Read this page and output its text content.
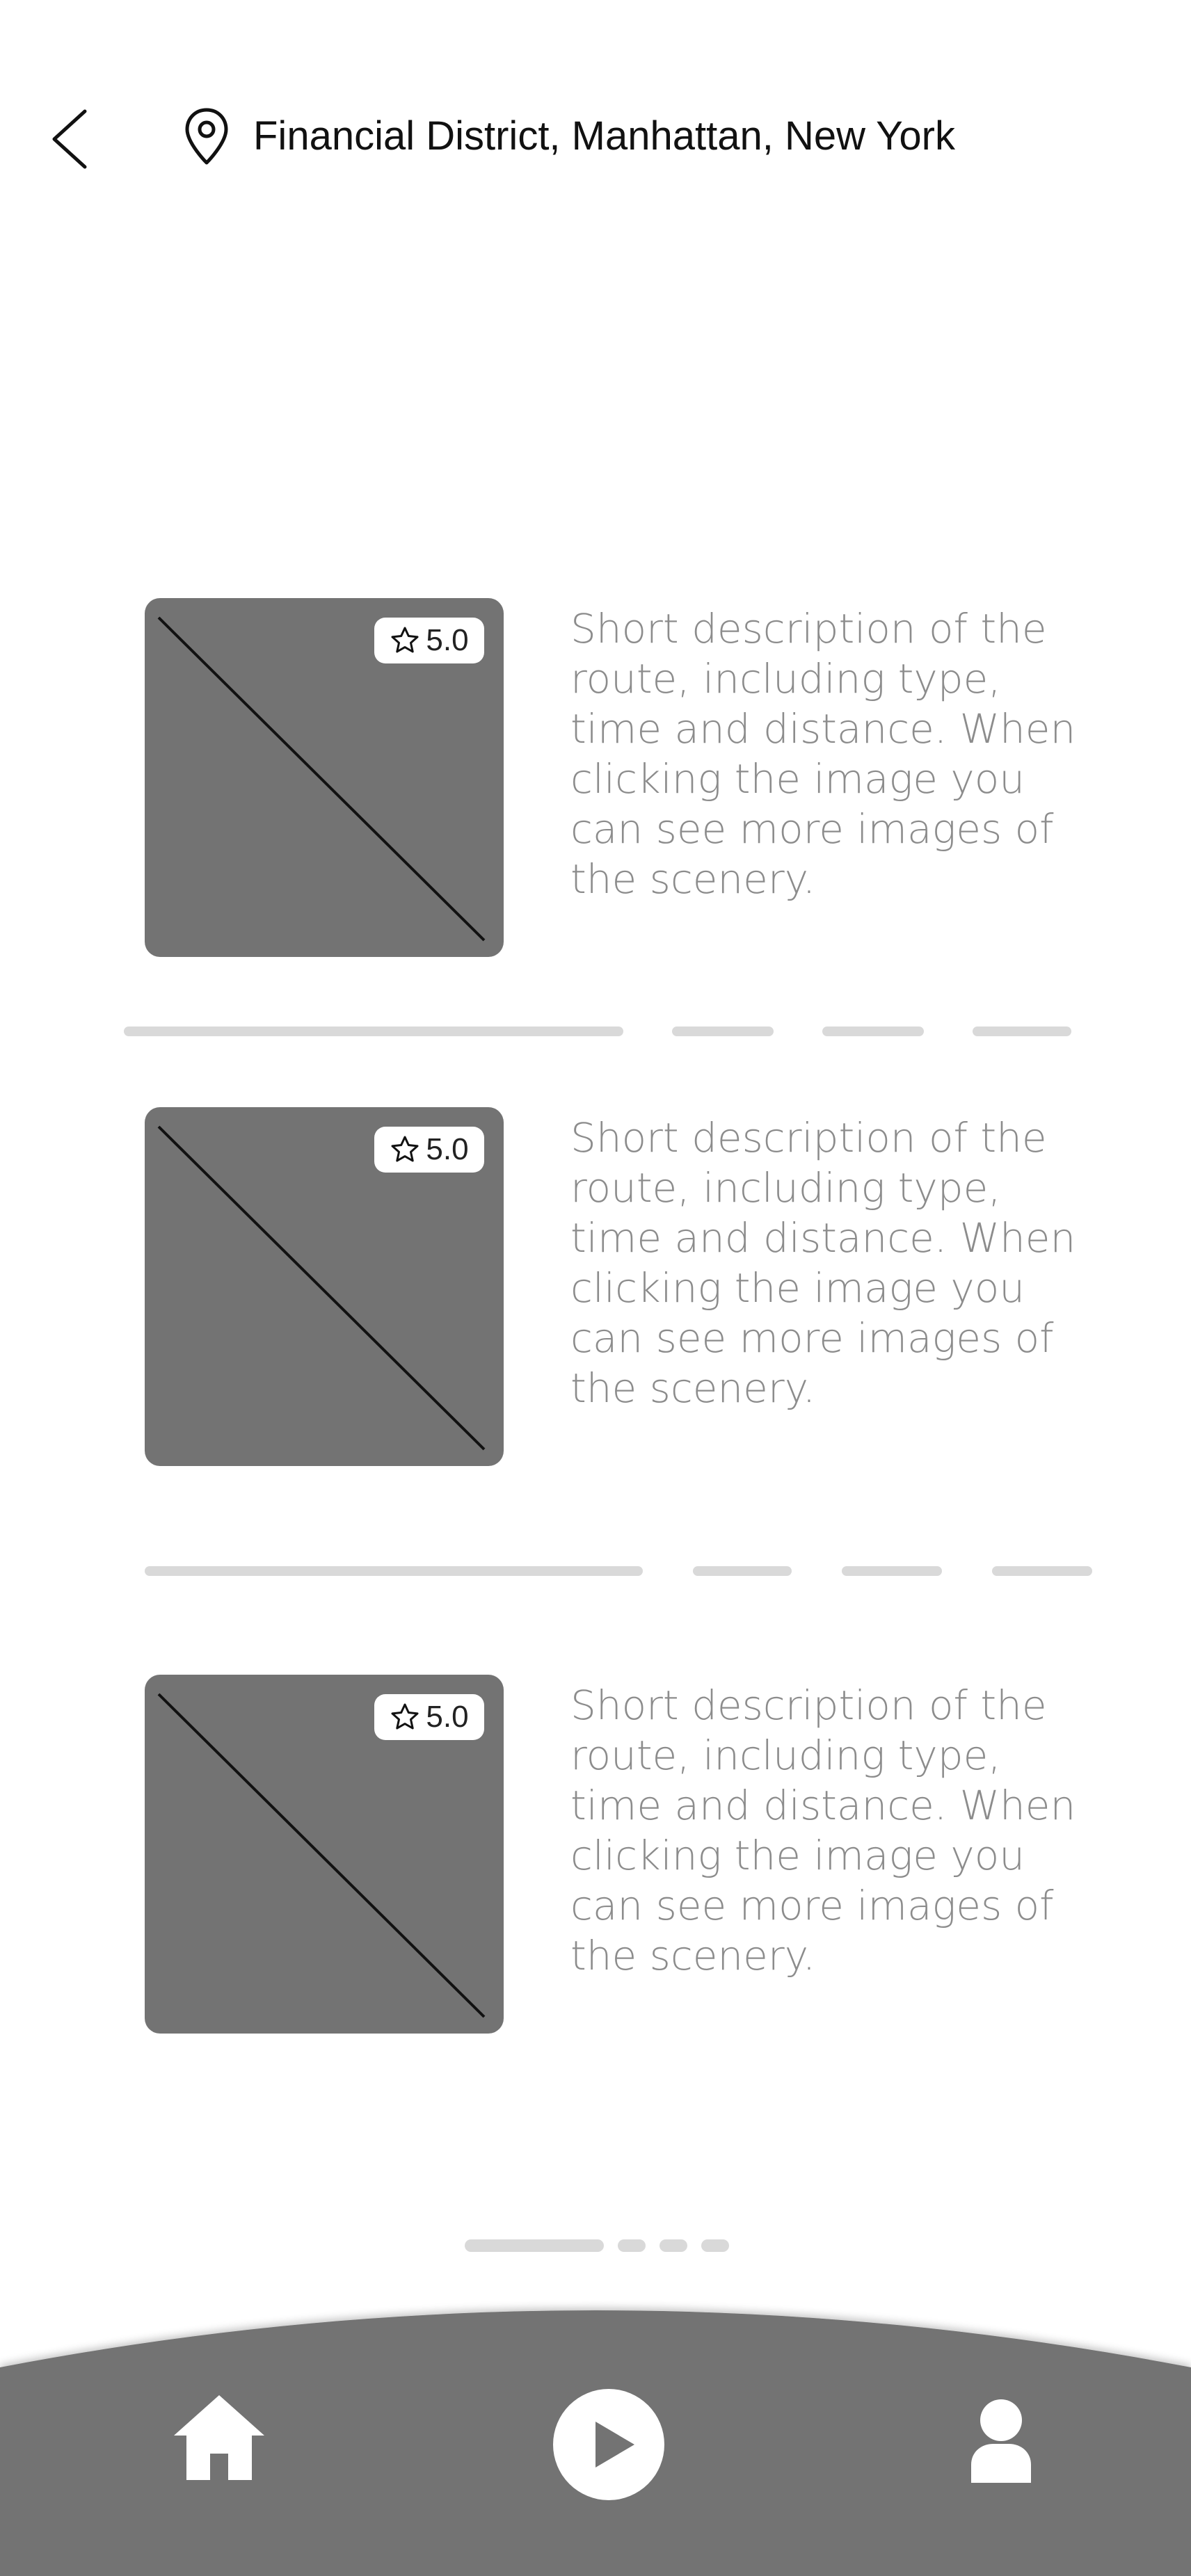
Financial District, Manhattan, New York
5.0	Short description of the route, including type, time and distance. When clicking the image you can see more images of the scenery.
5.0	Short description of the route, including type, time and distance. When clicking the image you can see more images of the scenery.
5.0	Short description of the route, including type, time and distance. When clicking the image you can see more images of the scenery.
